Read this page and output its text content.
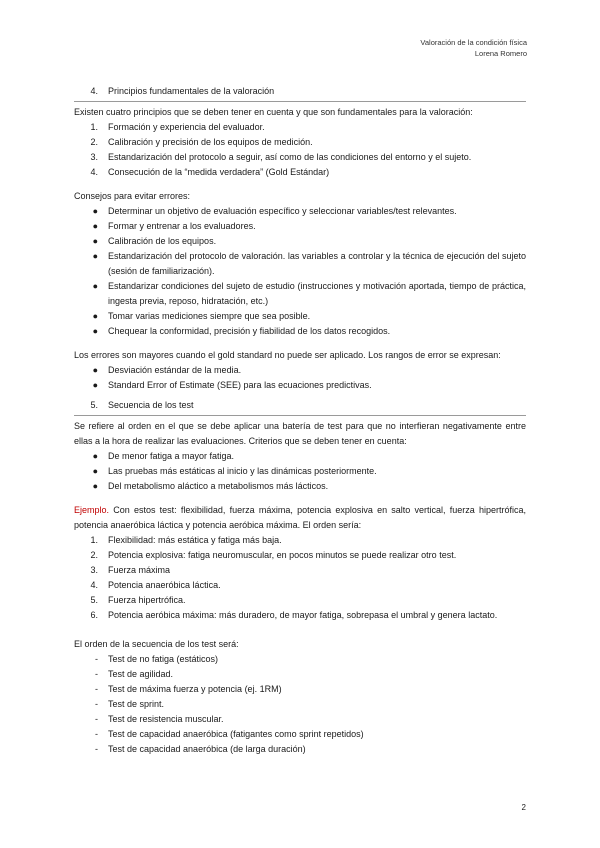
Valoración de la condición física
Lorena Romero
4.	Principios fundamentales de la valoración
Existen cuatro principios que se deben tener en cuenta y que son fundamentales para la valoración:
1.	Formación y experiencia del evaluador.
2.	Calibración y precisión de los equipos de medición.
3.	Estandarización del protocolo a seguir, así como de las condiciones del entorno y el sujeto.
4.	Consecución de la “medida verdadera” (Gold Estándar)
Consejos para evitar errores:
●	Determinar un objetivo de evaluación específico y seleccionar variables/test relevantes.
●	Formar y entrenar a los evaluadores.
●	Calibración de los equipos.
●	Estandarización del protocolo de valoración. las variables a controlar y la técnica de ejecución del sujeto (sesión de familiarización).
●	Estandarizar condiciones del sujeto de estudio (instrucciones y motivación aportada, tiempo de práctica, ingesta previa, reposo, hidratación, etc.)
●	Tomar varias mediciones siempre que sea posible.
●	Chequear la conformidad, precisión y fiabilidad de los datos recogidos.
Los errores son mayores cuando el gold standard no puede ser aplicado. Los rangos de error se expresan:
●	Desviación estándar de la media.
●	Standard Error of Estimate (SEE) para las ecuaciones predictivas.
5.	Secuencia de los test
Se refiere al orden en el que se debe aplicar una batería de test para que no interfieran negativamente entre ellas a la hora de realizar las evaluaciones. Criterios que se deben tener en cuenta:
●	De menor fatiga a mayor fatiga.
●	Las pruebas más estáticas al inicio y las dinámicas posteriormente.
●	Del metabolismo aláctico a metabolismos más lácticos.
Ejemplo. Con estos test: flexibilidad, fuerza máxima, potencia explosiva en salto vertical, fuerza hipertrófica, potencia anaeróbica láctica y potencia aeróbica máxima. El orden sería:
1.	Flexibilidad: más estática y fatiga más baja.
2.	Potencia explosiva: fatiga neuromuscular, en pocos minutos se puede realizar otro test.
3.	Fuerza máxima
4.	Potencia anaeróbica láctica.
5.	Fuerza hipertrófica.
6.	Potencia aeróbica máxima: más duradero, de mayor fatiga, sobrepasa el umbral y genera lactato.
El orden de la secuencia de los test será:
-	Test de no fatiga (estáticos)
-	Test de agilidad.
-	Test de máxima fuerza y potencia (ej. 1RM)
-	Test de sprint.
-	Test de resistencia muscular.
-	Test de capacidad anaeróbica (fatigantes como sprint repetidos)
-	Test de capacidad anaeróbica (de larga duración)
2
